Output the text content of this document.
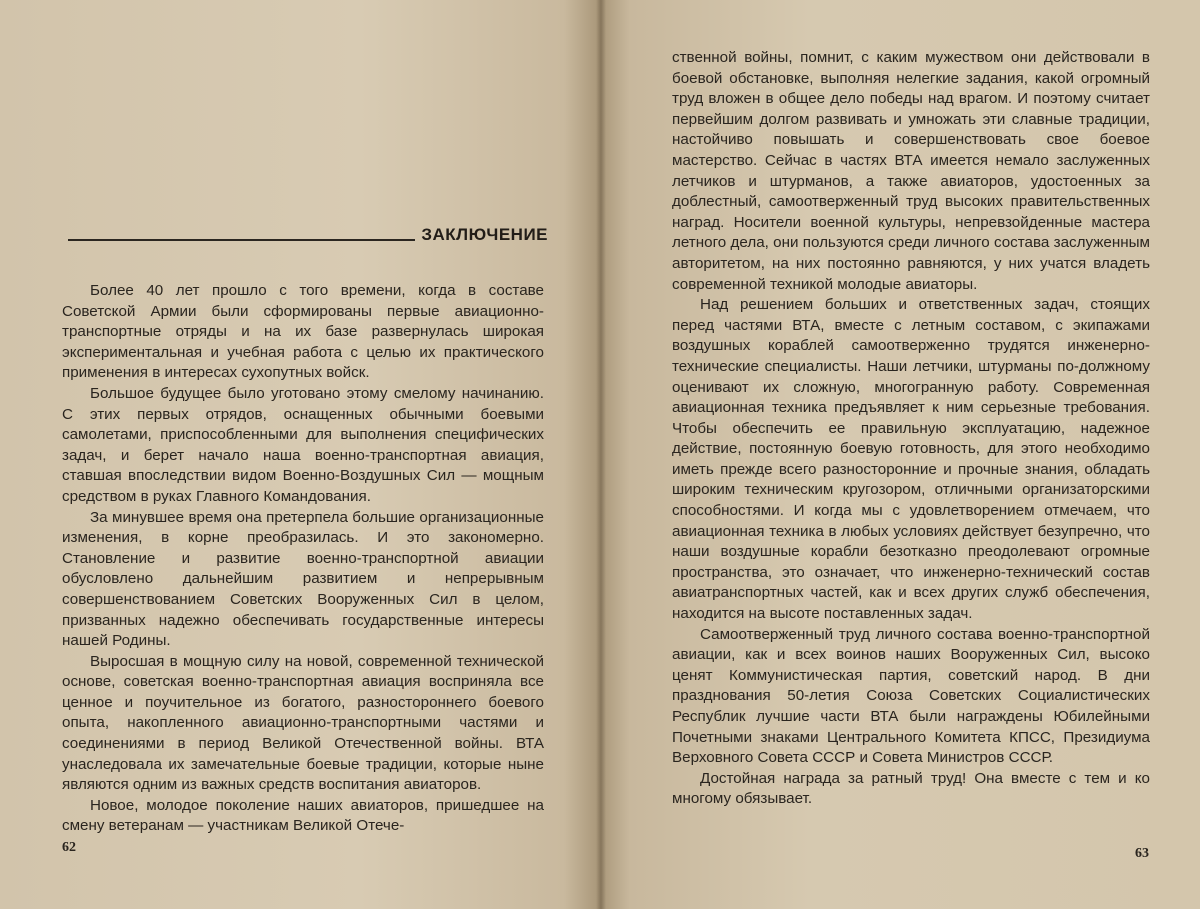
ЗАКЛЮЧЕНИЕ

Более 40 лет прошло с того времени, когда в составе Советской Армии были сформированы первые авиационно-транспортные отряды и на их базе развернулась широкая экспериментальная и учебная работа с целью их практического применения в интересах сухопутных войск.

Большое будущее было уготовано этому смелому начинанию. С этих первых отрядов, оснащенных обычными боевыми самолетами, приспособленными для выполнения специфических задач, и берет начало наша военно-транспортная авиация, ставшая впоследствии видом Военно-Воздушных Сил — мощным средством в руках Главного Командования.

За минувшее время она претерпела большие организационные изменения, в корне преобразилась. И это закономерно. Становление и развитие военно-транспортной авиации обусловлено дальнейшим развитием и непрерывным совершенствованием Советских Вооруженных Сил в целом, призванных надежно обеспечивать государственные интересы нашей Родины.

Выросшая в мощную силу на новой, современной технической основе, советская военно-транспортная авиация восприняла все ценное и поучительное из богатого, разностороннего боевого опыта, накопленного авиационно-транспортными частями и соединениями в период Великой Отечественной войны. ВТА унаследовала их замечательные боевые традиции, которые ныне являются одним из важных средств воспитания авиаторов.

Новое, молодое поколение наших авиаторов, пришедшее на смену ветеранам — участникам Великой Отече-

62

ственной войны, помнит, с каким мужеством они действовали в боевой обстановке, выполняя нелегкие задания, какой огромный труд вложен в общее дело победы над врагом. И поэтому считает первейшим долгом развивать и умножать эти славные традиции, настойчиво повышать и совершенствовать свое боевое мастерство. Сейчас в частях ВТА имеется немало заслуженных летчиков и штурманов, а также авиаторов, удостоенных за доблестный, самоотверженный труд высоких правительственных наград. Носители военной культуры, непревзойденные мастера летного дела, они пользуются среди личного состава заслуженным авторитетом, на них постоянно равняются, у них учатся владеть современной техникой молодые авиаторы.

Над решением больших и ответственных задач, стоящих перед частями ВТА, вместе с летным составом, с экипажами воздушных кораблей самоотверженно трудятся инженерно-технические специалисты. Наши летчики, штурманы по-должному оценивают их сложную, многогранную работу. Современная авиационная техника предъявляет к ним серьезные требования. Чтобы обеспечить ее правильную эксплуатацию, надежное действие, постоянную боевую готовность, для этого необходимо иметь прежде всего разносторонние и прочные знания, обладать широким техническим кругозором, отличными организаторскими способностями. И когда мы с удовлетворением отмечаем, что авиационная техника в любых условиях действует безупречно, что наши воздушные корабли безотказно преодолевают огромные пространства, это означает, что инженерно-технический состав авиатранспортных частей, как и всех других служб обеспечения, находится на высоте поставленных задач.

Самоотверженный труд личного состава военно-транспортной авиации, как и всех воинов наших Вооруженных Сил, высоко ценят Коммунистическая партия, советский народ. В дни празднования 50-летия Союза Советских Социалистических Республик лучшие части ВТА были награждены Юбилейными Почетными знаками Центрального Комитета КПСС, Президиума Верховного Совета СССР и Совета Министров СССР.

Достойная награда за ратный труд! Она вместе с тем и ко многому обязывает.

63
